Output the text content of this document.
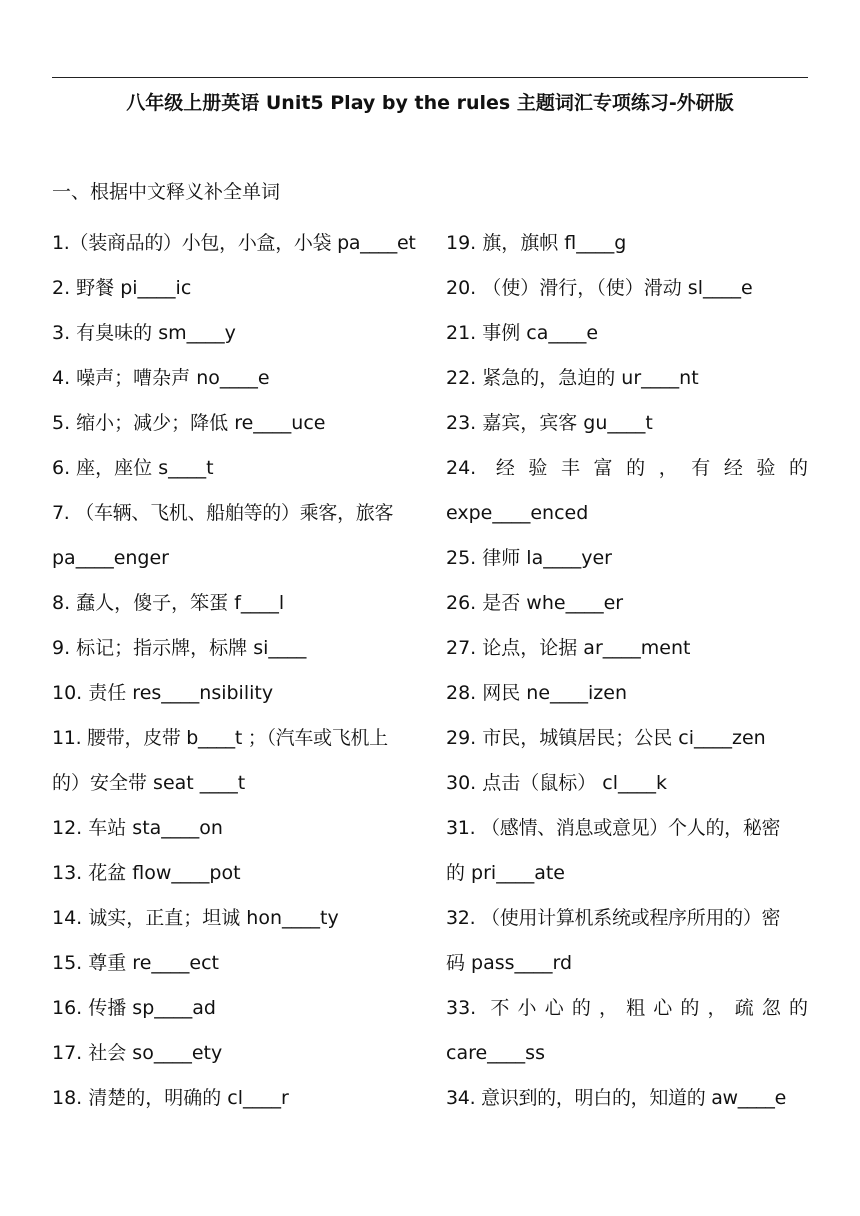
八年级上册英语 Unit5 Play by the rules 主题词汇专项练习-外研版
一、根据中文释义补全单词
1.（装商品的）小包，小盒，小袋 pa____et
2. 野餐 pi____ic
3. 有臭味的 sm____y
4. 噪声；嘈杂声 no____e
5. 缩小；减少；降低 re____uce
6. 座，座位 s____t
7. （车辆、飞机、船舶等的）乘客，旅客
pa____enger
8. 蠢人，傻子，笨蛋 f____l
9. 标记；指示牌，标牌 si____
10. 责任 res____nsibility
11. 腰带，皮带 b____t ；（汽车或飞机上
的）安全带 seat ____t
12. 车站 sta____on
13. 花盆 flow____pot
14. 诚实，正直；坦诚 hon____ty
15. 尊重 re____ect
16. 传播 sp____ad
17. 社会 so____ety
18. 清楚的，明确的 cl____r
19. 旗，旗帜 fl____g
20. （使）滑行，（使）滑动 sl____e
21. 事例 ca____e
22. 紧急的，急迫的 ur____nt
23. 嘉宾，宾客 gu____t
24. 经验丰富的，有经验的
expe____enced
25. 律师 la____yer
26. 是否 whe____er
27. 论点，论据 ar____ment
28. 网民 ne____izen
29. 市民，城镇居民；公民 ci____zen
30. 点击（鼠标） cl____k
31. （感情、消息或意见）个人的，秘密
的 pri____ate
32. （使用计算机系统或程序所用的）密
码 pass____rd
33. 不小心的，粗心的，疏忽的
care____ss
34. 意识到的，明白的，知道的 aw____e
